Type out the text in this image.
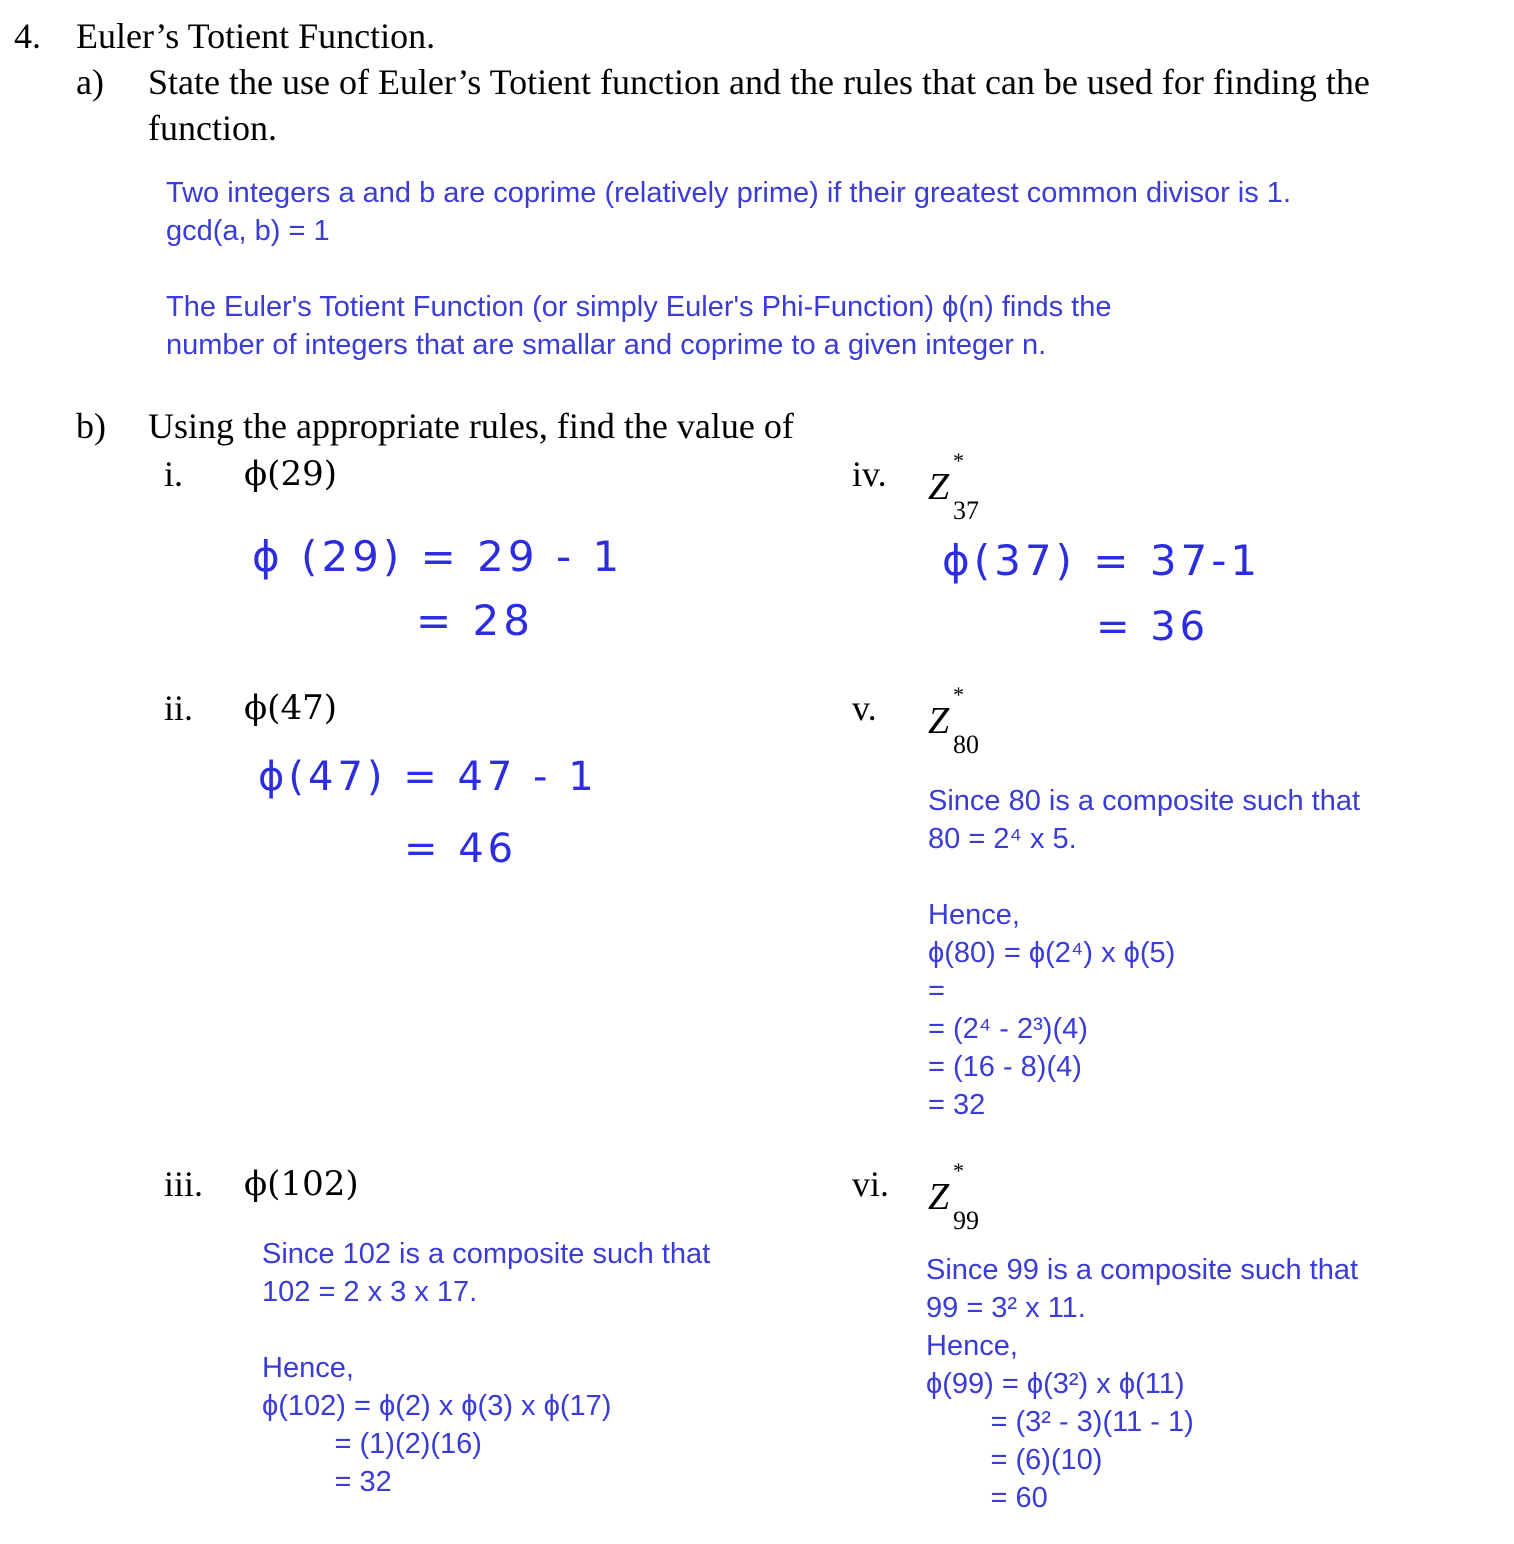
4. Euler’s Totient Function.
a) State the use of Euler’s Totient function and the rules that can be used for finding the
function.
Two integers a and b are coprime (relatively prime) if their greatest common divisor is 1.
gcd(a, b) = 1
The Euler's Totient Function (or simply Euler's Phi-Function) ϕ(n) finds the
number of integers that are smallar and coprime to a given integer n.
b) Using the appropriate rules, find the value of
i. ϕ(29)
ϕ (29) = 29 - 1
= 28
ii. ϕ(47)
ϕ(47) = 47 - 1
= 46
iii. ϕ(102)
Since 102 is a composite such that
102 = 2 x 3 x 17.
Hence,
ϕ(102) = ϕ(2) x ϕ(3) x ϕ(17)
= (1)(2)(16)
= 32
iv. Z
*
37
ϕ(37) = 37-1
= 36
v. Z
*
80
Since 80 is a composite such that
80 = 2⁴ x 5.
Hence,
ϕ(80) = ϕ(2⁴) x ϕ(5)
=
= (2⁴ - 2³)(4)
= (16 - 8)(4)
= 32
vi. Z
*
99
Since 99 is a composite such that
99 = 3² x 11.
Hence,
ϕ(99) = ϕ(3²) x ϕ(11)
= (3² - 3)(11 - 1)
= (6)(10)
= 60
